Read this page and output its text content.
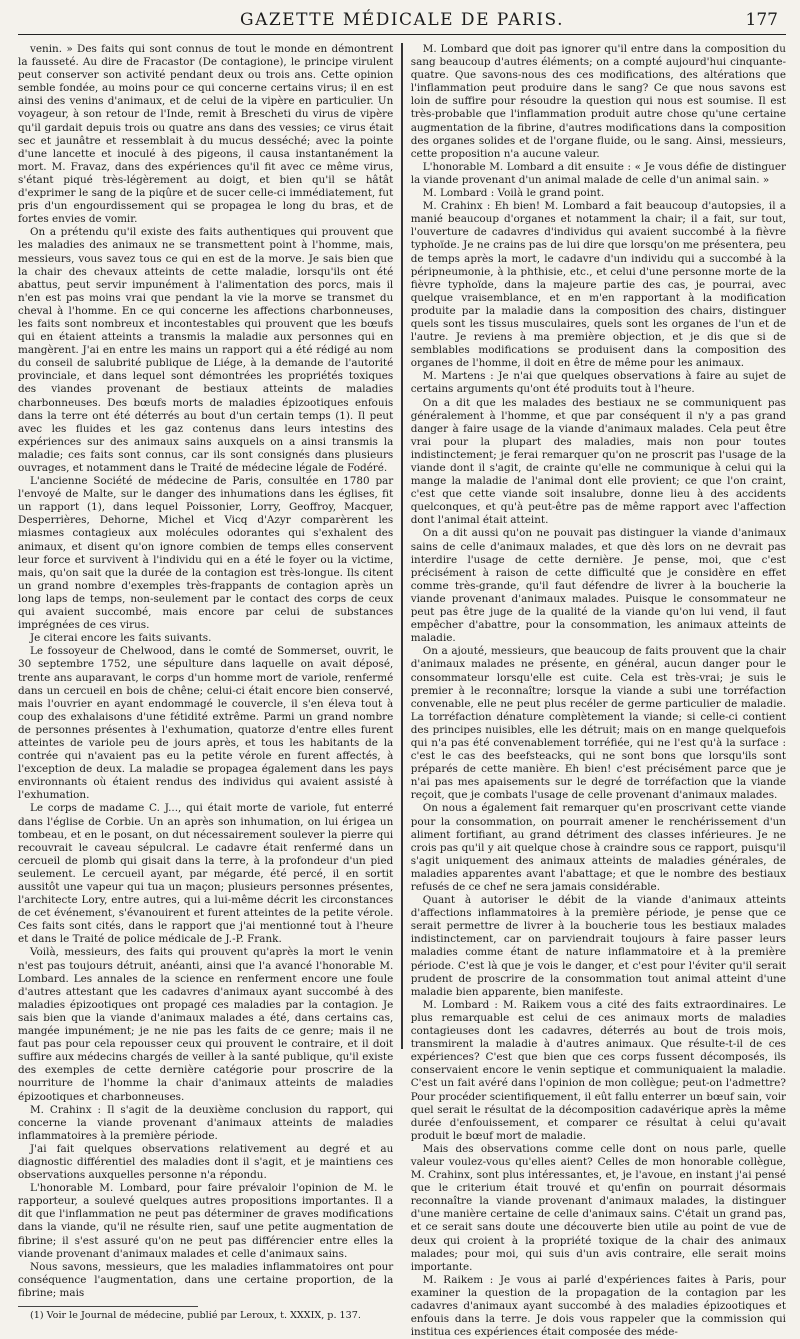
GAZETTE MÉDICALE DE PARIS.	177

venin. » Des faits qui sont connus de tout le monde en démontrent la fausseté. Au dire de Fracastor (De contagione), le principe virulent peut conserver son activité pendant deux ou trois ans. Cette opinion semble fondée, au moins pour ce qui concerne certains virus; il en est ainsi des venins d'animaux, et de celui de la vipère en particulier. Un voyageur, à son retour de l'Inde, remit à Brescheti du virus de vipère qu'il gardait depuis trois ou quatre ans dans des vessies; ce virus était sec et jaunâtre et ressemblait à du mucus desséché; avec la pointe d'une lancette et inoculé à des pigeons, il causa instantanément la mort. M. Fravaz, dans des expériences qu'il fit avec ce même virus, s'étant piqué très-légèrement au doigt, et bien qu'il se hâtât d'exprimer le sang de la piqûre et de sucer celle-ci immédiatement, fut pris d'un engourdissement qui se propagea le long du bras, et de fortes envies de vomir.

On a prétendu qu'il existe des faits authentiques qui prouvent que les maladies des animaux ne se transmettent point à l'homme, mais, messieurs, vous savez tous ce qui en est de la morve. Je sais bien que la chair des chevaux atteints de cette maladie, lorsqu'ils ont été abattus, peut servir impunément à l'alimentation des porcs, mais il n'en est pas moins vrai que pendant la vie la morve se transmet du cheval à l'homme. En ce qui concerne les affections charbonneuses, les faits sont nombreux et incontestables qui prouvent que les bœufs qui en étaient atteints a transmis la maladie aux personnes qui en mangèrent. J'ai en entre les mains un rapport qui a été rédigé au nom du conseil de salubrité publique de Liége, à la demande de l'autorité provinciale, et dans lequel sont démontrées les propriétés toxiques des viandes provenant de bestiaux atteints de maladies charbonneuses. Des bœufs morts de maladies épizootiques enfouis dans la terre ont été déterrés au bout d'un certain temps (1). Il peut avec les fluides et les gaz contenus dans leurs intestins des expériences sur des animaux sains auxquels on a ainsi transmis la maladie; ces faits sont connus, car ils sont consignés dans plusieurs ouvrages, et notamment dans le Traité de médecine légale de Fodéré.

L'ancienne Société de médecine de Paris, consultée en 1780 par l'envoyé de Malte, sur le danger des inhumations dans les églises, fit un rapport (1), dans lequel Poissonier, Lorry, Geoffroy, Macquer, Desperrières, Dehorne, Michel et Vicq d'Azyr comparèrent les miasmes contagieux aux molécules odorantes qui s'exhalent des animaux, et disent qu'on ignore combien de temps elles conservent leur force et survivent à l'individu qui en a été le foyer ou la victime, mais, qu'on sait que la durée de la contagion est très-longue. Ils citent un grand nombre d'exemples très-frappants de contagion après un long laps de temps, non-seulement par le contact des corps de ceux qui avaient succombé, mais encore par celui de substances imprégnées de ces virus.

Je citerai encore les faits suivants.

Le fossoyeur de Chelwood, dans le comté de Sommerset, ouvrit, le 30 septembre 1752, une sépulture dans laquelle on avait déposé, trente ans auparavant, le corps d'un homme mort de variole, renfermé dans un cercueil en bois de chêne; celui-ci était encore bien conservé, mais l'ouvrier en ayant endommagé le couvercle, il s'en éleva tout à coup des exhalaisons d'une fétidité extrême. Parmi un grand nombre de personnes présentes à l'exhumation, quatorze d'entre elles furent atteintes de variole peu de jours après, et tous les habitants de la contrée qui n'avaient pas eu la petite vérole en furent affectés, à l'exception de deux. La maladie se propagea également dans les pays environnants où étaient rendus des individus qui avaient assisté à l'exhumation.

Le corps de madame C. J..., qui était morte de variole, fut enterré dans l'église de Corbie. Un an après son inhumation, on lui érigea un tombeau, et en le posant, on dut nécessairement soulever la pierre qui recouvrait le caveau sépulcral. Le cadavre était renfermé dans un cercueil de plomb qui gisait dans la terre, à la profondeur d'un pied seulement. Le cercueil ayant, par mégarde, été percé, il en sortit aussitôt une vapeur qui tua un maçon; plusieurs personnes présentes, l'architecte Lory, entre autres, qui a lui-même décrit les circonstances de cet événement, s'évanouirent et furent atteintes de la petite vérole. Ces faits sont cités, dans le rapport que j'ai mentionné tout à l'heure et dans le Traité de police médicale de J.-P. Frank.

Voilà, messieurs, des faits qui prouvent qu'après la mort le venin n'est pas toujours détruit, anéanti, ainsi que l'a avancé l'honorable M. Lombard. Les annales de la science en renferment encore une foule d'autres attestant que les cadavres d'animaux ayant succombé à des maladies épizootiques ont propagé ces maladies par la contagion. Je sais bien que la viande d'animaux malades a été, dans certains cas, mangée impunément; je ne nie pas les faits de ce genre; mais il ne faut pas pour cela repousser ceux qui prouvent le contraire, et il doit suffire aux médecins chargés de veiller à la santé publique, qu'il existe des exemples de cette dernière catégorie pour proscrire de la nourriture de l'homme la chair d'animaux atteints de maladies épizootiques et charbonneuses.

M. Crahinx : Il s'agit de la deuxième conclusion du rapport, qui concerne la viande provenant d'animaux atteints de maladies inflammatoires à la première période.

J'ai fait quelques observations relativement au degré et au diagnostic différentiel des maladies dont il s'agit, et je maintiens ces observations auxquelles personne n'a répondu.

L'honorable M. Lombard, pour faire prévaloir l'opinion de M. le rapporteur, a soulevé quelques autres propositions importantes. Il a dit que l'inflammation ne peut pas déterminer de graves modifications dans la viande, qu'il ne résulte rien, sauf une petite augmentation de fibrine; il s'est assuré qu'on ne peut pas différencier entre elles la viande provenant d'animaux malades et celle d'animaux sains.

Nous savons, messieurs, que les maladies inflammatoires ont pour conséquence l'augmentation, dans une certaine proportion, de la fibrine; mais

(1) Voir le Journal de médecine, publié par Leroux, t. XXXIX, p. 137.

M. Lombard que doit pas ignorer qu'il entre dans la composition du sang beaucoup d'autres éléments; on a compté aujourd'hui cinquante-quatre. Que savons-nous des ces modifications, des altérations que l'inflammation peut produire dans le sang? Ce que nous savons est loin de suffire pour résoudre la question qui nous est soumise. Il est très-probable que l'inflammation produit autre chose qu'une certaine augmentation de la fibrine, d'autres modifications dans la composition des organes solides et de l'organe fluide, ou le sang. Ainsi, messieurs, cette proposition n'a aucune valeur.

L'honorable M. Lombard a dit ensuite : « Je vous défie de distinguer la viande provenant d'un animal malade de celle d'un animal sain. »

M. Lombard : Voilà le grand point.

M. Crahinx : Eh bien! M. Lombard a fait beaucoup d'autopsies, il a manié beaucoup d'organes et notamment la chair; il a fait, sur tout, l'ouverture de cadavres d'individus qui avaient succombé à la fièvre typhoïde. Je ne crains pas de lui dire que lorsqu'on me présentera, peu de temps après la mort, le cadavre d'un individu qui a succombé à la péripneumonie, à la phthisie, etc., et celui d'une personne morte de la fièvre typhoïde, dans la majeure partie des cas, je pourrai, avec quelque vraisemblance, et en m'en rapportant à la modification produite par la maladie dans la composition des chairs, distinguer quels sont les tissus musculaires, quels sont les organes de l'un et de l'autre. Je reviens à ma première objection, et je dis que si de semblables modifications se produisent dans la composition des organes de l'homme, il doit en être de même pour les animaux.

M. Martens : Je n'ai que quelques observations à faire au sujet de certains arguments qu'ont été produits tout à l'heure.

On a dit que les malades des bestiaux ne se communiquent pas généralement à l'homme, et que par conséquent il n'y a pas grand danger à faire usage de la viande d'animaux malades. Cela peut être vrai pour la plupart des maladies, mais non pour toutes indistinctement; je ferai remarquer qu'on ne proscrit pas l'usage de la viande dont il s'agit, de crainte qu'elle ne communique à celui qui la mange la maladie de l'animal dont elle provient; ce que l'on craint, c'est que cette viande soit insalubre, donne lieu à des accidents quelconques, et qu'à peut-être pas de même rapport avec l'affection dont l'animal était atteint.

On a dit aussi qu'on ne pouvait pas distinguer la viande d'animaux sains de celle d'animaux malades, et que dès lors on ne devrait pas interdire l'usage de cette dernière. Je pense, moi, que c'est précisément à raison de cette difficulté que je considère en effet comme très-grande, qu'il faut défendre de livrer à la boucherie la viande provenant d'animaux malades. Puisque le consommateur ne peut pas être juge de la qualité de la viande qu'on lui vend, il faut empêcher d'abattre, pour la consommation, les animaux atteints de maladie.

On a ajouté, messieurs, que beaucoup de faits prouvent que la chair d'animaux malades ne présente, en général, aucun danger pour le consommateur lorsqu'elle est cuite. Cela est très-vrai; je suis le premier à le reconnaître; lorsque la viande a subi une torréfaction convenable, elle ne peut plus recéler de germe particulier de maladie. La torréfaction dénature complètement la viande; si celle-ci contient des principes nuisibles, elle les détruit; mais on en mange quelquefois qui n'a pas été convenablement torréfiée, qui ne l'est qu'à la surface : c'est le cas des beefsteacks, qui ne sont bons que lorsqu'ils sont préparés de cette manière. Eh bien! c'est précisément parce que je n'ai pas mes apaisements sur le degré de torréfaction que la viande reçoit, que je combats l'usage de celle provenant d'animaux malades.

On nous a également fait remarquer qu'en proscrivant cette viande pour la consommation, on pourrait amener le renchérissement d'un aliment fortifiant, au grand détriment des classes inférieures. Je ne crois pas qu'il y ait quelque chose à craindre sous ce rapport, puisqu'il s'agit uniquement des animaux atteints de maladies générales, de maladies apparentes avant l'abattage; et que le nombre des bestiaux refusés de ce chef ne sera jamais considérable.

Quant à autoriser le débit de la viande d'animaux atteints d'affections inflammatoires à la première période, je pense que ce serait permettre de livrer à la boucherie tous les bestiaux malades indistinctement, car on parviendrait toujours à faire passer leurs maladies comme étant de nature inflammatoire et à la première période. C'est là que je vois le danger, et c'est pour l'éviter qu'il serait prudent de proscrire de la consommation tout animal atteint d'une maladie bien apparente, bien manifeste.

M. Lombard : M. Raikem vous a cité des faits extraordinaires. Le plus remarquable est celui de ces animaux morts de maladies contagieuses dont les cadavres, déterrés au bout de trois mois, transmirent la maladie à d'autres animaux. Que résulte-t-il de ces expériences? C'est que bien que ces corps fussent décomposés, ils conservaient encore le venin septique et communiquaient la maladie. C'est un fait avéré dans l'opinion de mon collègue; peut-on l'admettre? Pour procéder scientifiquement, il eût fallu enterrer un bœuf sain, voir quel serait le résultat de la décomposition cadavérique après la même durée d'enfouissement, et comparer ce résultat à celui qu'avait produit le bœuf mort de maladie.

Mais des observations comme celle dont on nous parle, quelle valeur voulez-vous qu'elles aient? Celles de mon honorable collègue, M. Crahinx, sont plus intéressantes, et, je l'avoue, en instant j'ai pensé que le criterium était trouvé et qu'enfin on pourrait désormais reconnaître la viande provenant d'animaux malades, la distinguer d'une manière certaine de celle d'animaux sains. C'était un grand pas, et ce serait sans doute une découverte bien utile au point de vue de deux qui croient à la propriété toxique de la chair des animaux malades; pour moi, qui suis d'un avis contraire, elle serait moins importante.

M. Raikem : Je vous ai parlé d'expériences faites à Paris, pour examiner la question de la propagation de la contagion par les cadavres d'animaux ayant succombé à des maladies épizootiques et enfouis dans la terre. Je dois vous rappeler que la commission qui institua ces expériences était composée des méde-
